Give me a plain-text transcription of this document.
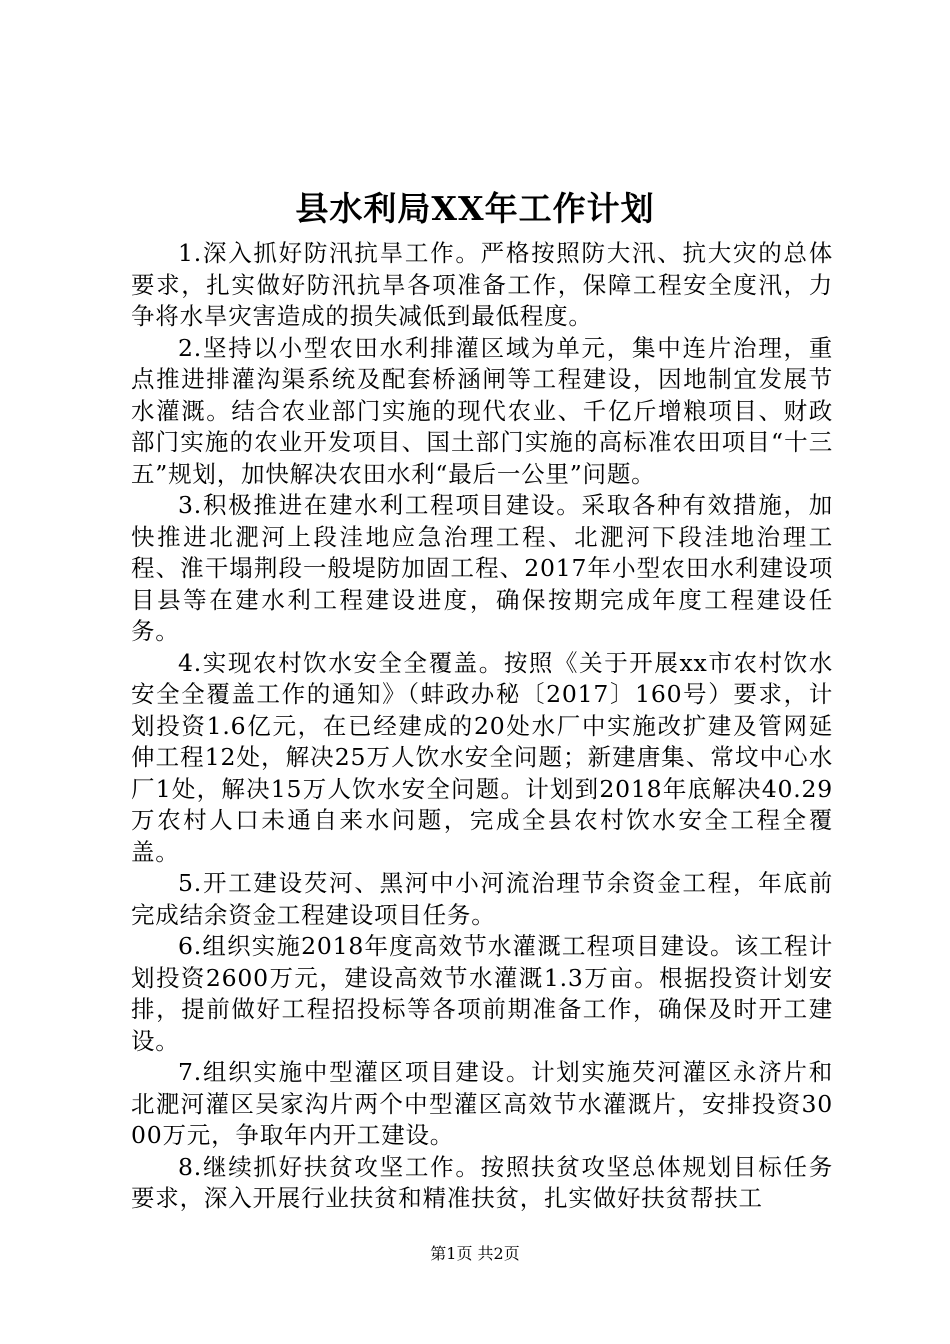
县水利局XX年工作计划

1.深入抓好防汛抗旱工作。严格按照防大汛、抗大灾的总体要求，扎实做好防汛抗旱各项准备工作，保障工程安全度汛，力争将水旱灾害造成的损失减低到最低程度。

2.坚持以小型农田水利排灌区域为单元，集中连片治理，重点推进排灌沟渠系统及配套桥涵闸等工程建设，因地制宜发展节水灌溉。结合农业部门实施的现代农业、千亿斤增粮项目、财政部门实施的农业开发项目、国土部门实施的高标准农田项目“十三五”规划，加快解决农田水利“最后一公里”问题。

3.积极推进在建水利工程项目建设。采取各种有效措施，加快推进北淝河上段洼地应急治理工程、北淝河下段洼地治理工程、淮干塌荆段一般堤防加固工程、2017年小型农田水利建设项目县等在建水利工程建设进度，确保按期完成年度工程建设任务。

4.实现农村饮水安全全覆盖。按照《关于开展xx市农村饮水安全全覆盖工作的通知》（蚌政办秘〔2017〕160号）要求，计划投资1.6亿元，在已经建成的20处水厂中实施改扩建及管网延伸工程12处，解决25万人饮水安全问题；新建唐集、常坟中心水厂1处，解决15万人饮水安全问题。计划到2018年底解决40.29万农村人口未通自来水问题，完成全县农村饮水安全工程全覆盖。

5.开工建设芡河、黑河中小河流治理节余资金工程，年底前完成结余资金工程建设项目任务。

6.组织实施2018年度高效节水灌溉工程项目建设。该工程计划投资2600万元，建设高效节水灌溉1.3万亩。根据投资计划安排，提前做好工程招投标等各项前期准备工作，确保及时开工建设。

7.组织实施中型灌区项目建设。计划实施芡河灌区永济片和北淝河灌区吴家沟片两个中型灌区高效节水灌溉片，安排投资3000万元，争取年内开工建设。

8.继续抓好扶贫攻坚工作。按照扶贫攻坚总体规划目标任务要求，深入开展行业扶贫和精准扶贫，扎实做好扶贫帮扶工

第1页 共2页
